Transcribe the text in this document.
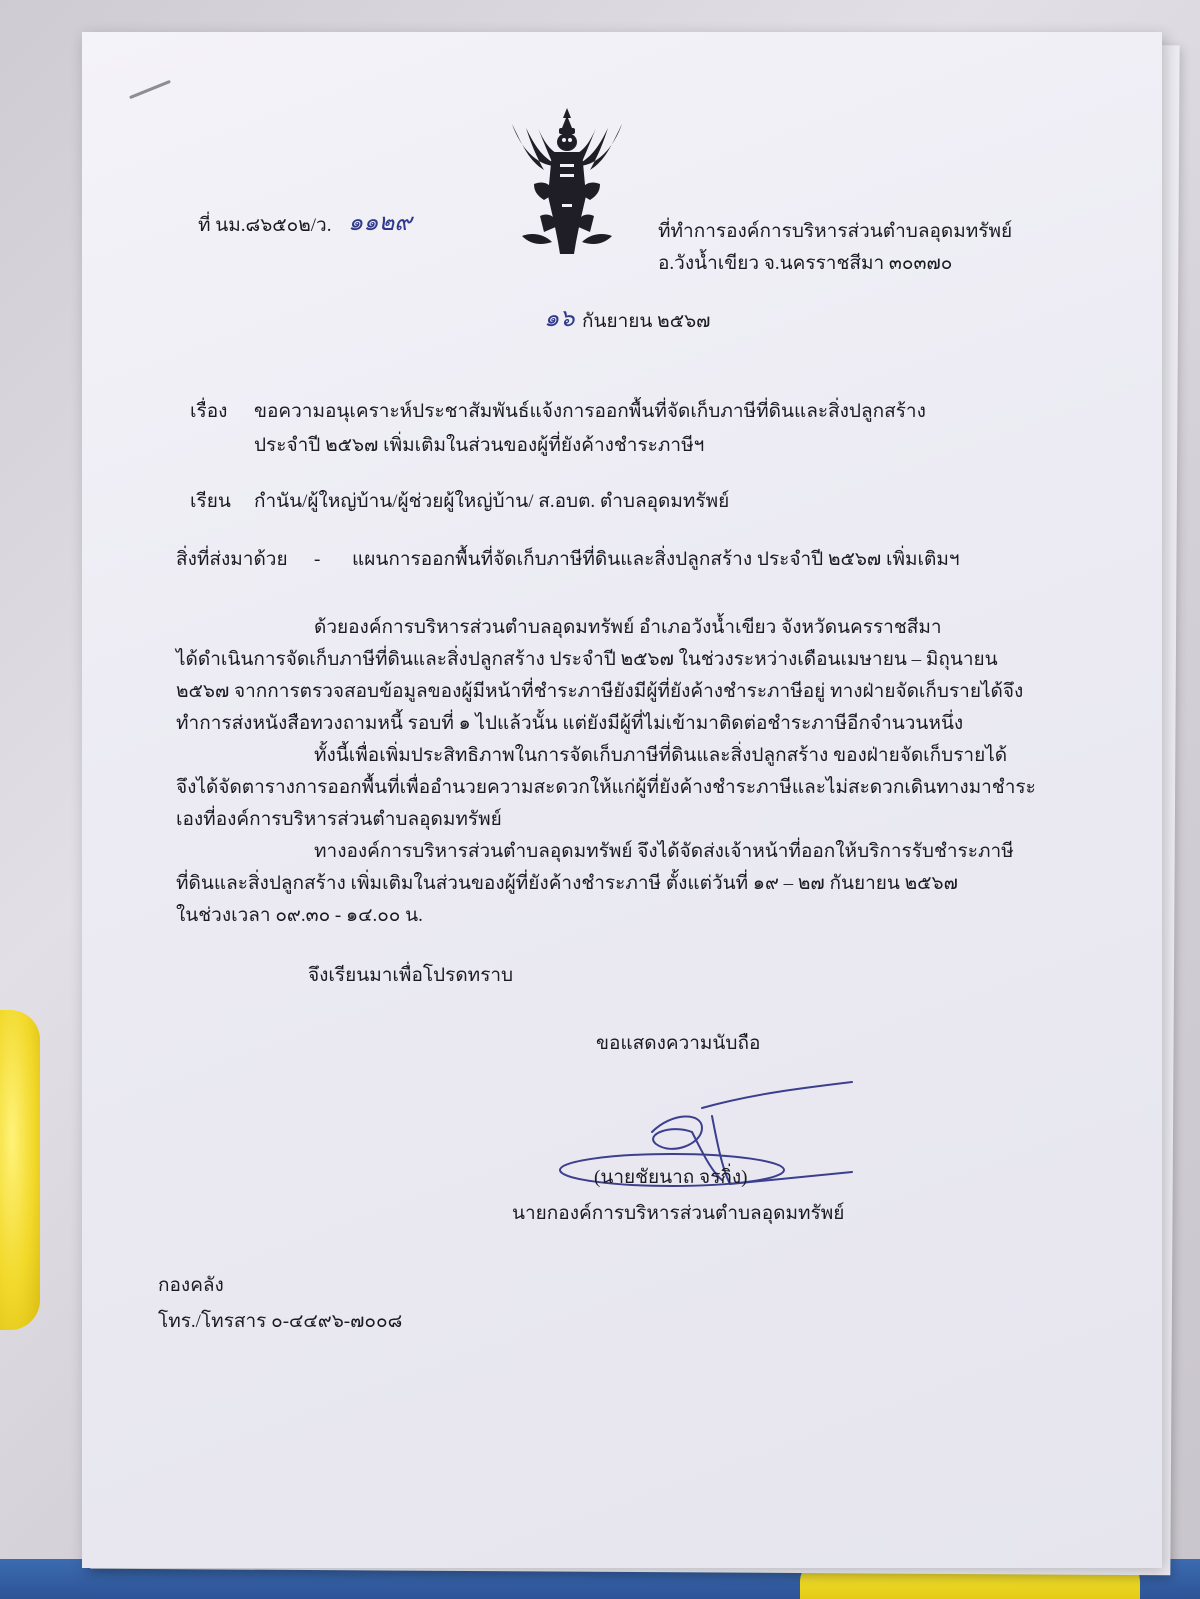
ที่ นม.๘๖๕๐๒/ว. ๑๑๒๙	ที่ทำการองค์การบริหารส่วนตำบลอุดมทรัพย์
อ.วังน้ำเขียว จ.นครราชสีมา ๓๐๓๗๐
๑๖ กันยายน ๒๕๖๗
เรื่อง ขอความอนุเคราะห์ประชาสัมพันธ์แจ้งการออกพื้นที่จัดเก็บภาษีที่ดินและสิ่งปลูกสร้าง
ประจำปี ๒๕๖๗ เพิ่มเติมในส่วนของผู้ที่ยังค้างชำระภาษีฯ
เรียน กำนัน/ผู้ใหญ่บ้าน/ผู้ช่วยผู้ใหญ่บ้าน/ ส.อบต. ตำบลอุดมทรัพย์
สิ่งที่ส่งมาด้วย - แผนการออกพื้นที่จัดเก็บภาษีที่ดินและสิ่งปลูกสร้าง ประจำปี ๒๕๖๗ เพิ่มเติมฯ
ด้วยองค์การบริหารส่วนตำบลอุดมทรัพย์ อำเภอวังน้ำเขียว จังหวัดนครราชสีมา
ได้ดำเนินการจัดเก็บภาษีที่ดินและสิ่งปลูกสร้าง ประจำปี ๒๕๖๗ ในช่วงระหว่างเดือนเมษายน – มิถุนายน
๒๕๖๗ จากการตรวจสอบข้อมูลของผู้มีหน้าที่ชำระภาษียังมีผู้ที่ยังค้างชำระภาษีอยู่ ทางฝ่ายจัดเก็บรายได้จึง
ทำการส่งหนังสือทวงถามหนี้ รอบที่ ๑ ไปแล้วนั้น แต่ยังมีผู้ที่ไม่เข้ามาติดต่อชำระภาษีอีกจำนวนหนึ่ง
ทั้งนี้เพื่อเพิ่มประสิทธิภาพในการจัดเก็บภาษีที่ดินและสิ่งปลูกสร้าง ของฝ่ายจัดเก็บรายได้
จึงได้จัดตารางการออกพื้นที่เพื่ออำนวยความสะดวกให้แก่ผู้ที่ยังค้างชำระภาษีและไม่สะดวกเดินทางมาชำระ
เองที่องค์การบริหารส่วนตำบลอุดมทรัพย์
ทางองค์การบริหารส่วนตำบลอุดมทรัพย์ จึงได้จัดส่งเจ้าหน้าที่ออกให้บริการรับชำระภาษี
ที่ดินและสิ่งปลูกสร้าง เพิ่มเติมในส่วนของผู้ที่ยังค้างชำระภาษี ตั้งแต่วันที่ ๑๙ – ๒๗ กันยายน ๒๕๖๗
ในช่วงเวลา ๐๙.๓๐ - ๑๔.๐๐ น.
จึงเรียนมาเพื่อโปรดทราบ
ขอแสดงความนับถือ
(นายชัยนาถ จรกิ่ง)
นายกองค์การบริหารส่วนตำบลอุดมทรัพย์
กองคลัง
โทร./โทรสาร ๐-๔๔๙๖-๗๐๐๘
